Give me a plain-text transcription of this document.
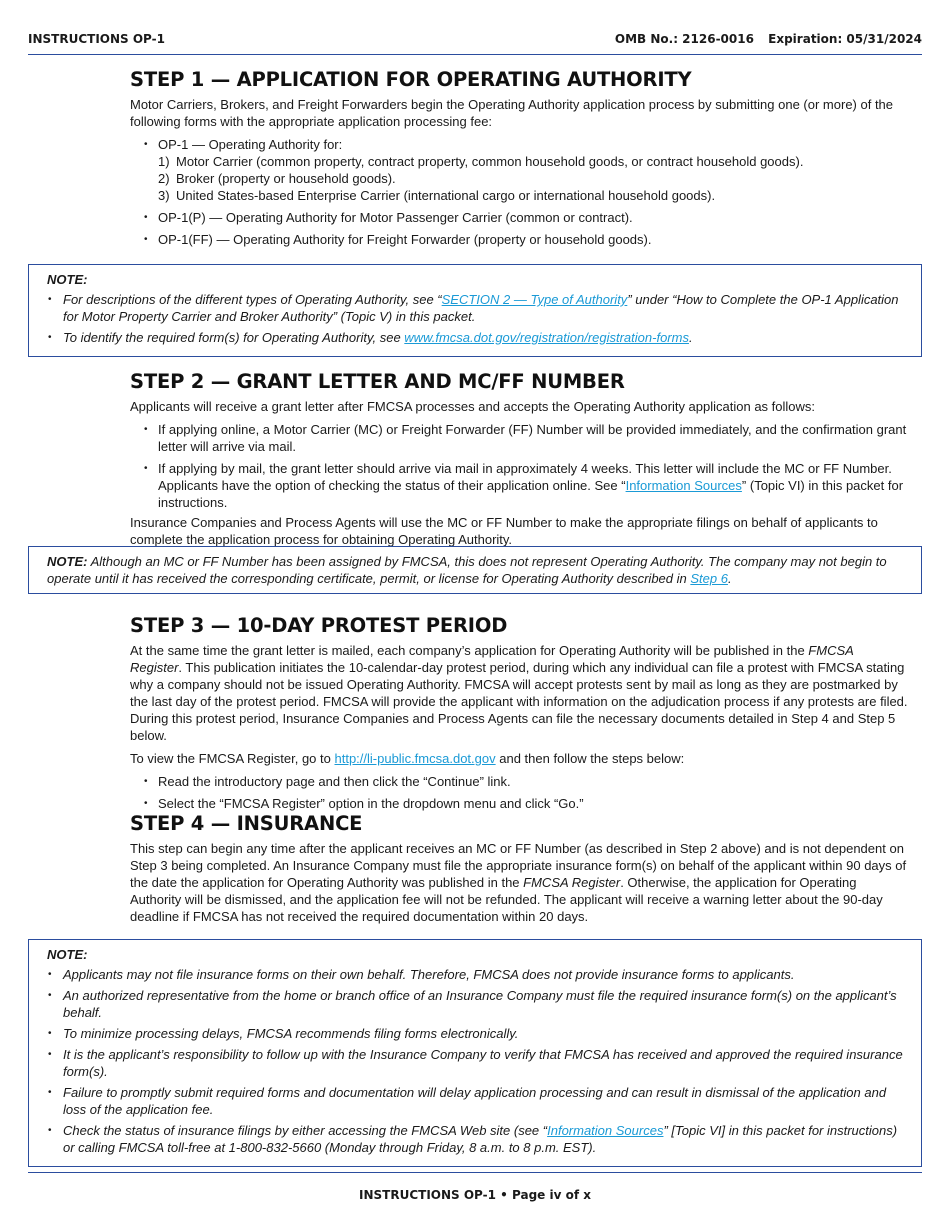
INSTRUCTIONS OP-1	OMB No.: 2126-0016 Expiration: 05/31/2024
STEP 1 — APPLICATION FOR OPERATING AUTHORITY

Motor Carriers, Brokers, and Freight Forwarders begin the Operating Authority application process by submitting one (or more) of the following forms with the appropriate application processing fee:

• OP-1 — Operating Authority for:
1) Motor Carrier (common property, contract property, common household goods, or contract household goods).
2) Broker (property or household goods).
3) United States-based Enterprise Carrier (international cargo or international household goods).
• OP-1(P) — Operating Authority for Motor Passenger Carrier (common or contract).
• OP-1(FF) — Operating Authority for Freight Forwarder (property or household goods).
NOTE:
• For descriptions of the different types of Operating Authority, see “SECTION 2 — Type of Authority” under “How to Complete the OP-1 Application for Motor Property Carrier and Broker Authority” (Topic V) in this packet.
• To identify the required form(s) for Operating Authority, see www.fmcsa.dot.gov/registration/registration-forms.
STEP 2 — GRANT LETTER AND MC/FF NUMBER

Applicants will receive a grant letter after FMCSA processes and accepts the Operating Authority application as follows:

• If applying online, a Motor Carrier (MC) or Freight Forwarder (FF) Number will be provided immediately, and the confirmation grant letter will arrive via mail.
• If applying by mail, the grant letter should arrive via mail in approximately 4 weeks. This letter will include the MC or FF Number. Applicants have the option of checking the status of their application online. See “Information Sources” (Topic VI) in this packet for instructions.

Insurance Companies and Process Agents will use the MC or FF Number to make the appropriate filings on behalf of applicants to complete the application process for obtaining Operating Authority.

NOTE: Although an MC or FF Number has been assigned by FMCSA, this does not represent Operating Authority. The company may not begin to operate until it has received the corresponding certificate, permit, or license for Operating Authority described in Step 6.

STEP 3 — 10-DAY PROTEST PERIOD

At the same time the grant letter is mailed, each company’s application for Operating Authority will be published in the FMCSA Register. This publication initiates the 10-calendar-day protest period, during which any individual can file a protest with FMCSA stating why a company should not be issued Operating Authority. FMCSA will accept protests sent by mail as long as they are postmarked by the last day of the protest period. FMCSA will provide the applicant with information on the adjudication process if any protests are filed. During this protest period, Insurance Companies and Process Agents can file the necessary documents detailed in Step 4 and Step 5 below.

To view the FMCSA Register, go to http://li-public.fmcsa.dot.gov and then follow the steps below:

• Read the introductory page and then click the “Continue” link.
• Select the “FMCSA Register” option in the dropdown menu and click “Go.”
STEP 4 — INSURANCE

This step can begin any time after the applicant receives an MC or FF Number (as described in Step 2 above) and is not dependent on Step 3 being completed. An Insurance Company must file the appropriate insurance form(s) on behalf of the applicant within 90 days of the date the application for Operating Authority was published in the FMCSA Register. Otherwise, the application for Operating Authority will be dismissed, and the application fee will not be refunded. The applicant will receive a warning letter about the 90-day deadline if FMCSA has not received the required documentation within 20 days.

NOTE:
• Applicants may not file insurance forms on their own behalf. Therefore, FMCSA does not provide insurance forms to applicants.
• An authorized representative from the home or branch office of an Insurance Company must file the required insurance form(s) on the applicant’s behalf.
• To minimize processing delays, FMCSA recommends filing forms electronically.
• It is the applicant’s responsibility to follow up with the Insurance Company to verify that FMCSA has received and approved the required insurance form(s).
• Failure to promptly submit required forms and documentation will delay application processing and can result in dismissal of the application and loss of the application fee.
• Check the status of insurance filings by either accessing the FMCSA Web site (see “Information Sources” [Topic VI] in this packet for instructions) or calling FMCSA toll-free at 1-800-832-5660 (Monday through Friday, 8 a.m. to 8 p.m. EST).
INSTRUCTIONS OP-1 • Page iv of x
